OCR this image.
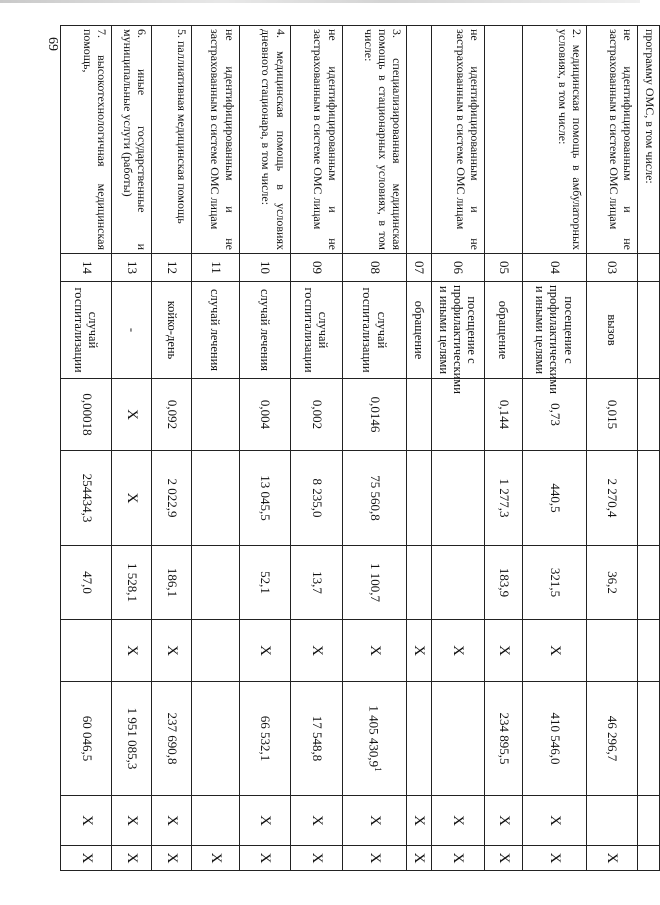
69	программу ОМС, в том числе:									
не идентифицированным и не застрахованным в системе ОМС лицам	03	вызов	0,015	2 270,4	36,2		46 296,7		X
2. медицинская помощь в амбулаторных условиях, в том числе:	04	посещение с профилактическими и иными целями	0,73	440,5	321,5	X	410 546,0	X	X
	05	обращение	0,144	1 277,3	183,9	X	234 895,5	X	X
не идентифицированным и не застрахованным в системе ОМС лицам	06	посещение с профилактическими и иными целями				X		X	X
	07	обращение				X		X	X
3. специализированная медицинская помощь в стационарных условиях, в том числе:	08	случай госпитализации	0,0146	75 560,8	1 100,7	X	1 405 430,9$^1$	X	X
не идентифицированным и не застрахованным в системе ОМС лицам	09	случай госпитализации	0,002	8 235,0	13,7	X	17 548,8	X	X
4. медицинская помощь в условиях дневного стационара, в том числе:	10	случай лечения	0,004	13 045,5	52,1	X	66 532,1	X	X
не идентифицированным и не застрахованным в системе ОМС лицам	11	случай лечения							X
5. паллиативная медицинская помощь	12	койко-день	0,092	2 022,9	186,1	X	237 690,8	X	X
6. иные государственные и муниципальные услуги (работы)	13	-	X	X	1 528,1	X	1 951 085,3	X	X
7. высокотехнологичная медицинская помощь,	14	случай госпитализации	0,00018	254434,3	47,0		60 046,5	X	X
